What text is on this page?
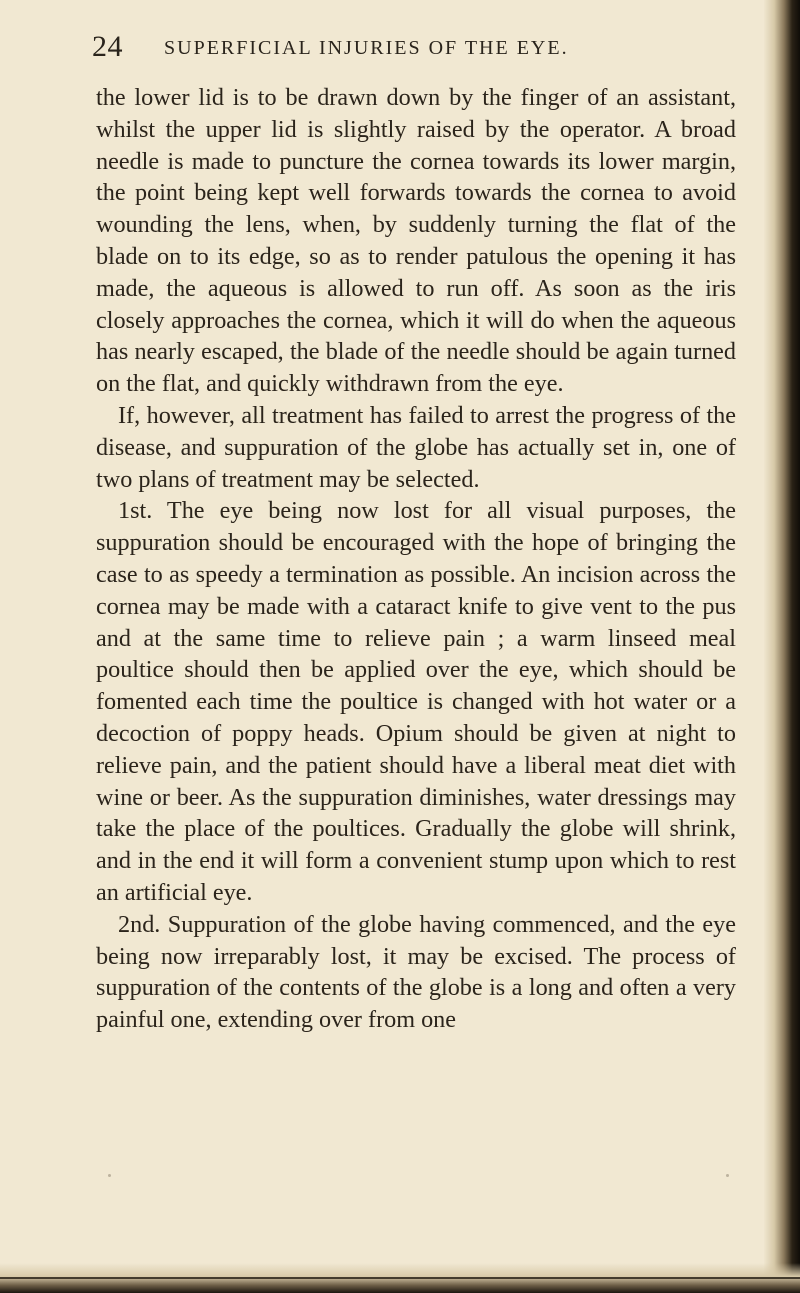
24 SUPERFICIAL INJURIES OF THE EYE.

the lower lid is to be drawn down by the finger of an assistant, whilst the upper lid is slightly raised by the operator. A broad needle is made to puncture the cornea towards its lower margin, the point being kept well forwards towards the cornea to avoid wounding the lens, when, by suddenly turning the flat of the blade on to its edge, so as to render patulous the opening it has made, the aqueous is allowed to run off. As soon as the iris closely approaches the cornea, which it will do when the aqueous has nearly escaped, the blade of the needle should be again turned on the flat, and quickly withdrawn from the eye.

If, however, all treatment has failed to arrest the progress of the disease, and suppuration of the globe has actually set in, one of two plans of treatment may be selected.

1st. The eye being now lost for all visual purposes, the suppuration should be encouraged with the hope of bringing the case to as speedy a termination as possible. An incision across the cornea may be made with a cataract knife to give vent to the pus and at the same time to relieve pain ; a warm linseed meal poultice should then be applied over the eye, which should be fomented each time the poultice is changed with hot water or a decoction of poppy heads. Opium should be given at night to relieve pain, and the patient should have a liberal meat diet with wine or beer. As the suppuration diminishes, water dressings may take the place of the poultices. Gradually the globe will shrink, and in the end it will form a convenient stump upon which to rest an artificial eye.

2nd. Suppuration of the globe having commenced, and the eye being now irreparably lost, it may be excised. The process of suppuration of the contents of the globe is a long and often a very painful one, extending over from one
